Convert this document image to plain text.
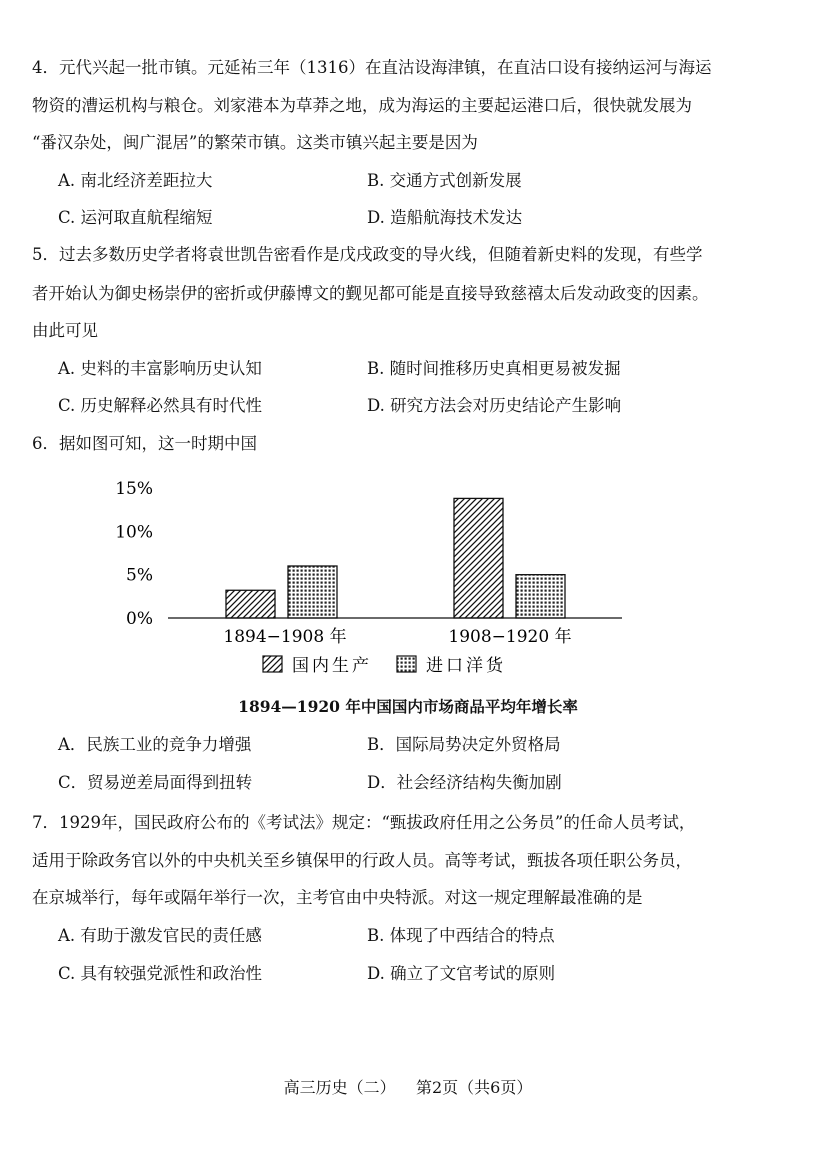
4．元代兴起一批市镇。元延祐三年（1316）在直沽设海津镇，在直沽口设有接纳运河与海运
物资的漕运机构与粮仓。刘家港本为草莽之地，成为海运的主要起运港口后，很快就发展为
“番汉杂处，闽广混居”的繁荣市镇。这类市镇兴起主要是因为
A. 南北经济差距拉大	B. 交通方式创新发展
C. 运河取直航程缩短	D. 造船航海技术发达
5．过去多数历史学者将袁世凯告密看作是戊戌政变的导火线，但随着新史料的发现，有些学
者开始认为御史杨崇伊的密折或伊藤博文的觐见都可能是直接导致慈禧太后发动政变的因素。
由此可见
A. 史料的丰富影响历史认知	B. 随时间推移历史真相更易被发掘
C. 历史解释必然具有时代性	D. 研究方法会对历史结论产生影响
6．据如图可知，这一时期中国
0%
5%
10%
15%
1894−1908 年	1908−1920 年
国内生产	进口洋货
1894—1920 年中国国内市场商品平均年增长率
A．民族工业的竞争力增强	B．国际局势决定外贸格局
C．贸易逆差局面得到扭转	D．社会经济结构失衡加剧
7．1929年，国民政府公布的《考试法》规定：“甄拔政府任用之公务员”的任命人员考试，
适用于除政务官以外的中央机关至乡镇保甲的行政人员。高等考试，甄拔各项任职公务员，
在京城举行，每年或隔年举行一次，主考官由中央特派。对这一规定理解最准确的是
A. 有助于激发官民的责任感	B. 体现了中西结合的特点
C. 具有较强党派性和政治性	D. 确立了文官考试的原则
高三历史（二）    第2页（共6页）
